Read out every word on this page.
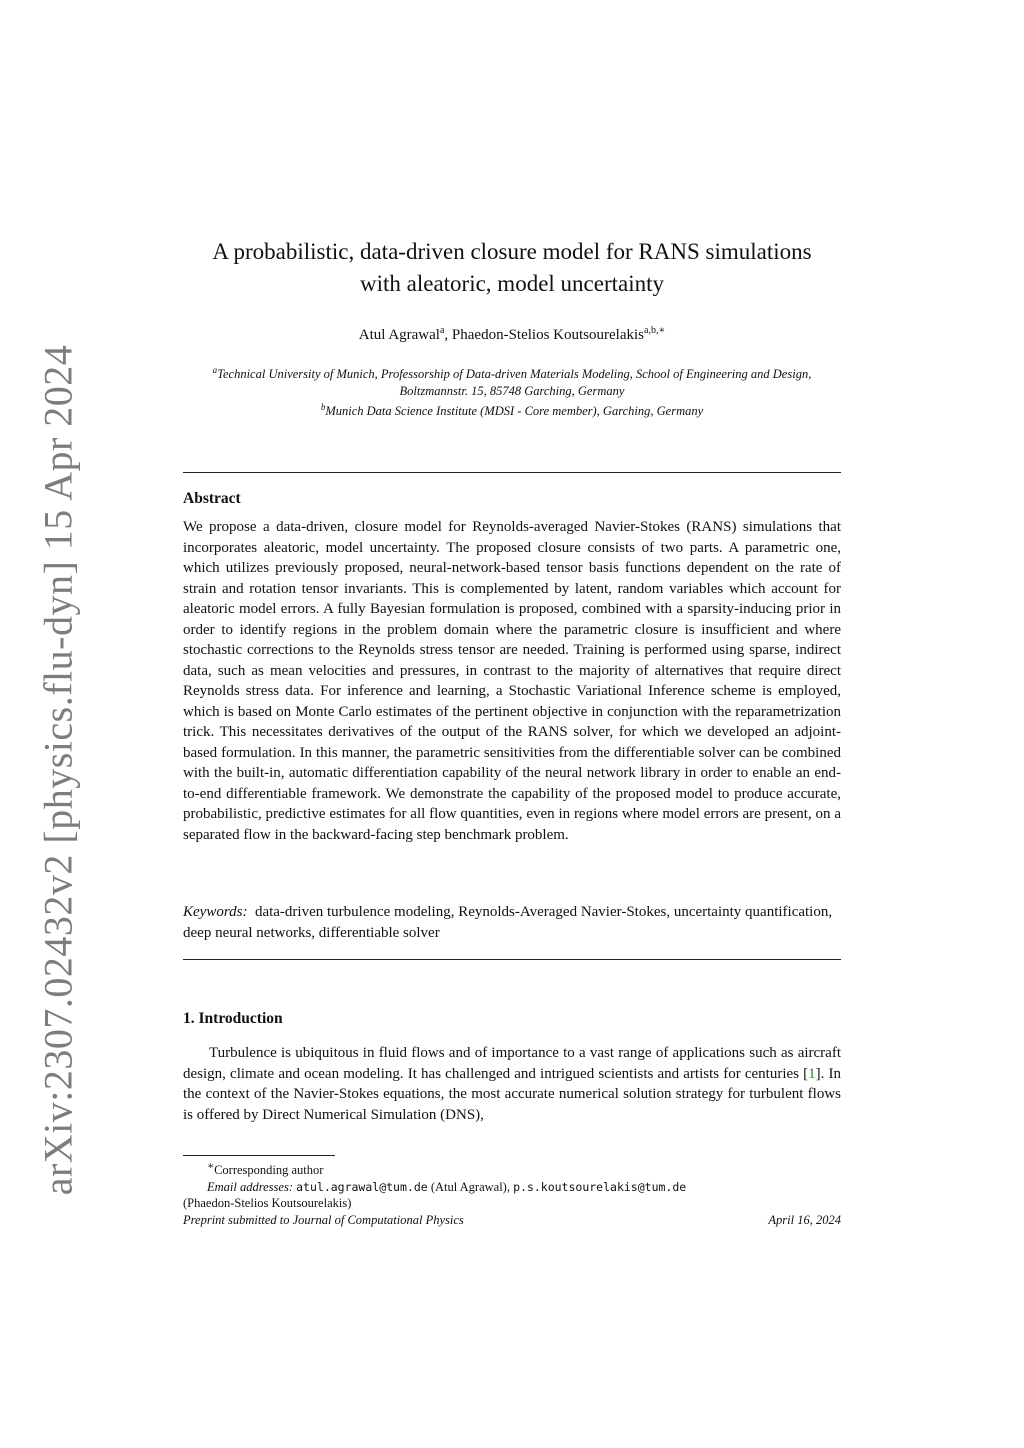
arXiv:2307.02432v2 [physics.flu-dyn] 15 Apr 2024
A probabilistic, data-driven closure model for RANS simulations
with aleatoric, model uncertainty
Atul Agrawal$^a$, Phaedon-Stelios Koutsourelakis$^{a,b,∗}$
$^a$Technical University of Munich, Professorship of Data-driven Materials Modeling, School of Engineering and Design,
Boltzmannstr. 15, 85748 Garching, Germany
$^b$Munich Data Science Institute (MDSI - Core member), Garching, Germany
Abstract
We propose a data-driven, closure model for Reynolds-averaged Navier-Stokes (RANS) simulations that incorporates aleatoric, model uncertainty. The proposed closure consists of two parts. A parametric one, which utilizes previously proposed, neural-network-based tensor basis functions dependent on the rate of strain and rotation tensor invariants. This is complemented by latent, random variables which account for aleatoric model errors. A fully Bayesian formulation is proposed, combined with a sparsity-inducing prior in order to identify regions in the problem domain where the parametric closure is insufficient and where stochastic corrections to the Reynolds stress tensor are needed. Training is performed using sparse, indirect data, such as mean velocities and pressures, in contrast to the majority of alternatives that require direct Reynolds stress data. For inference and learning, a Stochastic Variational Inference scheme is employed, which is based on Monte Carlo estimates of the pertinent objective in conjunction with the reparametrization trick. This necessitates derivatives of the output of the RANS solver, for which we developed an adjoint-based formulation. In this manner, the parametric sensitivities from the differentiable solver can be combined with the built-in, automatic differentiation capability of the neural network library in order to enable an end-to-end differentiable framework. We demonstrate the capability of the proposed model to produce accurate, probabilistic, predictive estimates for all flow quantities, even in regions where model errors are present, on a separated flow in the backward-facing step benchmark problem.
Keywords: data-driven turbulence modeling, Reynolds-Averaged Navier-Stokes, uncertainty quantification, deep neural networks, differentiable solver
1. Introduction
Turbulence is ubiquitous in fluid flows and of importance to a vast range of applications such as aircraft design, climate and ocean modeling. It has challenged and intrigued scientists and artists for centuries [1]. In the context of the Navier-Stokes equations, the most accurate numerical solution strategy for turbulent flows is offered by Direct Numerical Simulation (DNS),
∗Corresponding author
Email addresses: atul.agrawal@tum.de (Atul Agrawal), p.s.koutsourelakis@tum.de
(Phaedon-Stelios Koutsourelakis)
Preprint submitted to Journal of Computational Physics	April 16, 2024
